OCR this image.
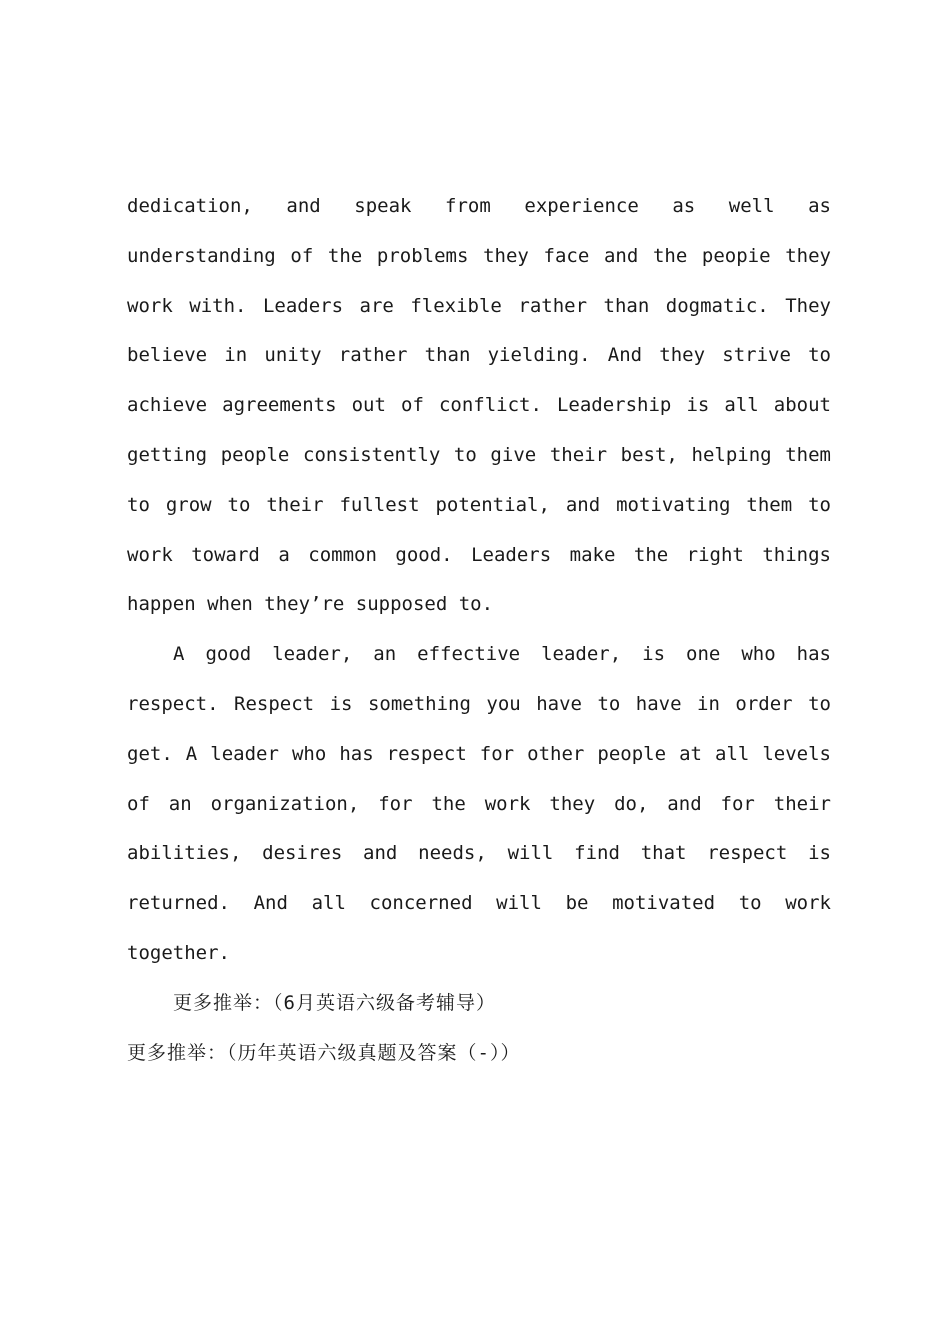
dedication, and speak from experience as well as understanding of the problems they face and the peopie they work with. Leaders are flexible rather than dogmatic. They believe in unity rather than yielding. And they strive to achieve agreements out of conflict. Leadership is all about getting people consistently to give their best, helping them to grow to their fullest potential, and motivating them to work toward a common good. Leaders make the right things happen when they’re supposed to.

A good leader, an effective leader, is one who has respect. Respect is something you have to have in order to get. A leader who has respect for other people at all levels of an organization, for the work they do, and for their abilities, desires and needs, will find that respect is returned. And all concerned will be motivated to work together.

更多推举：（6月英语六级备考辅导）

更多推举：（历年英语六级真题及答案（-））
